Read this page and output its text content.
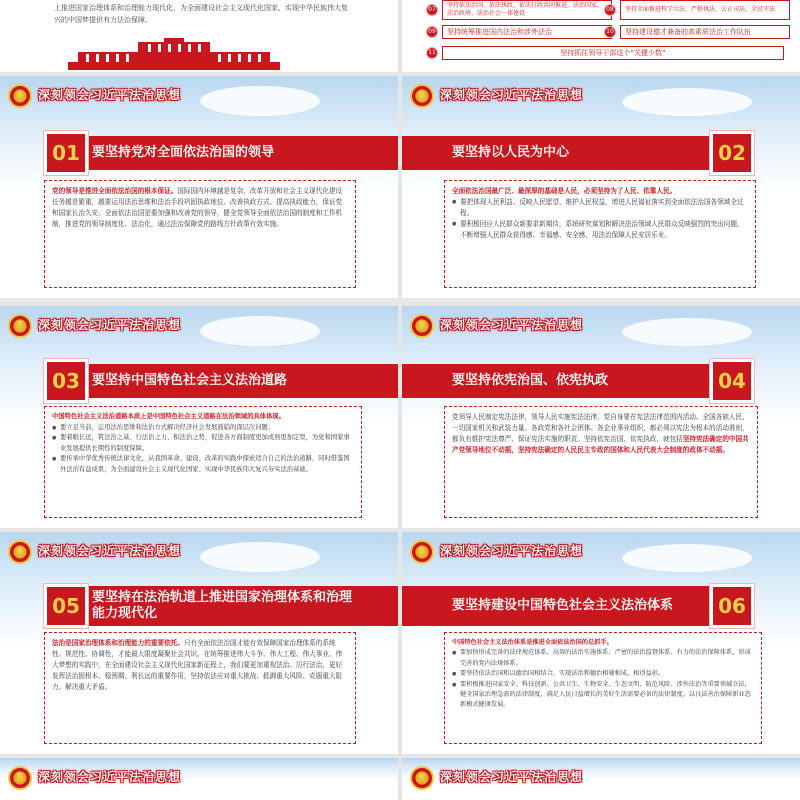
上推进国家治理体系和治理能力现代化，为全面建设社会主义现代化国家、实现中华民族伟大复兴的中国梦提供有力法治保障。
07
坚持依法治国、依法执政、依法行政共同推进，法治国家、法治政府、法治社会一体建设	08	坚持全面推进科学立法、严格执法、公正司法、全民守法
09	坚持统筹推进国内法治和涉外法治	10	坚持建设德才兼备的高素质法治工作队伍
11	坚持抓住领导干部这个“关键少数”
★
深刻领会习近平法治思想
要坚持党对全面依法治国的领导
01
党的领导是推进全面依法治国的根本保证。国际国内环境越是复杂，改革开放和社会主义现代化建设任务越是繁重，越要运用法治思维和法治手段巩固执政地位、改善执政方式、提高执政能力，保证党和国家长治久安。全面依法治国是要加强和改善党的领导，健全党领导全面依法治国的制度和工作机制，推进党的领导制度化、法治化，通过法治保障党的路线方针政策有效实施。
★
深刻领会习近平法治思想
要坚持以人民为中心	02
全面依法治国最广泛、最深厚的基础是人民，必须坚持为了人民、依靠人民。
● 要把体现人民利益、反映人民愿望、维护人民权益、增进人民福祉落实到全面依法治国各领域全过程。
● 要积极回应人民群众新要求新期待，系统研究谋划和解决法治领域人民群众反映强烈的突出问题，不断增强人民群众获得感、幸福感、安全感，用法治保障人民安居乐业。
★
深刻领会习近平法治思想
要坚持中国特色社会主义法治道路
03
中国特色社会主义法治道路本质上是中国特色社会主义道路在法治领域的具体体现。
● 要立足当前，运用法治思维和法治方式解决经济社会发展面临的深层次问题；
● 要着眼长远，筑法治之基、行法治之力、积法治之势，促进各方面制度更加成熟更加定型，为党和国家事业发展提供长期性的制度保障。
● 要传承中华优秀传统法律文化，从我国革命、建设、改革的实践中探索适合自己的法治道路，同时借鉴国外法治有益成果，为全面建设社会主义现代化国家、实现中华民族伟大复兴夯实法治基础。
★
深刻领会习近平法治思想
要坚持依宪治国、依宪执政	04
党领导人民制定宪法法律，领导人民实施宪法法律，党自身要在宪法法律范围内活动。全国各族人民、一切国家机关和武装力量、各政党和各社会团体、各企业事业组织，都必须以宪法为根本的活动准则，都负有维护宪法尊严、保证宪法实施的职责。坚持依宪治国、依宪执政，就包括坚持宪法确定的中国共产党领导地位不动摇，坚持宪法确定的人民民主专政的国体和人民代表大会制度的政体不动摇。
★
深刻领会习近平法治思想
要坚持在法治轨道上推进国家治理体系和治理能力现代化
05
法治是国家治理体系和治理能力的重要依托。只有全面依法治国才能有效保障国家治理体系的系统性、规范性、协调性，才能最大限度凝聚社会共识。在统筹推进伟大斗争、伟大工程、伟大事业、伟大梦想的实践中，在全面建设社会主义现代化国家新征程上，我们要更加重视法治、厉行法治，更好发挥法治固根本、稳预期、利长远的重要作用，坚持依法应对重大挑战、抵御重大风险、克服重大阻力、解决重大矛盾。
★
深刻领会习近平法治思想
要坚持建设中国特色社会主义法治体系	06
中国特色社会主义法治体系是推进全面依法治国的总抓手。
● 要加快形成完备的法律规范体系、高效的法治实施体系、严密的法治监督体系、有力的法治保障体系，形成完善的党内法规体系。
● 要坚持依法治国和以德治国相结合，实现法治和德治相辅相成、相得益彰。
● 要积极推进国家安全、科技创新、公共卫生、生物安全、生态文明、防范风险、涉外法治等重要领域立法，健全国家治理急需的法律制度、满足人民日益增长的美好生活需要必备的法律制度，以良法善治保障新业态新模式健康发展。
★
深刻领会习近平法治思想 ★	深刻领会习近平法治思想
